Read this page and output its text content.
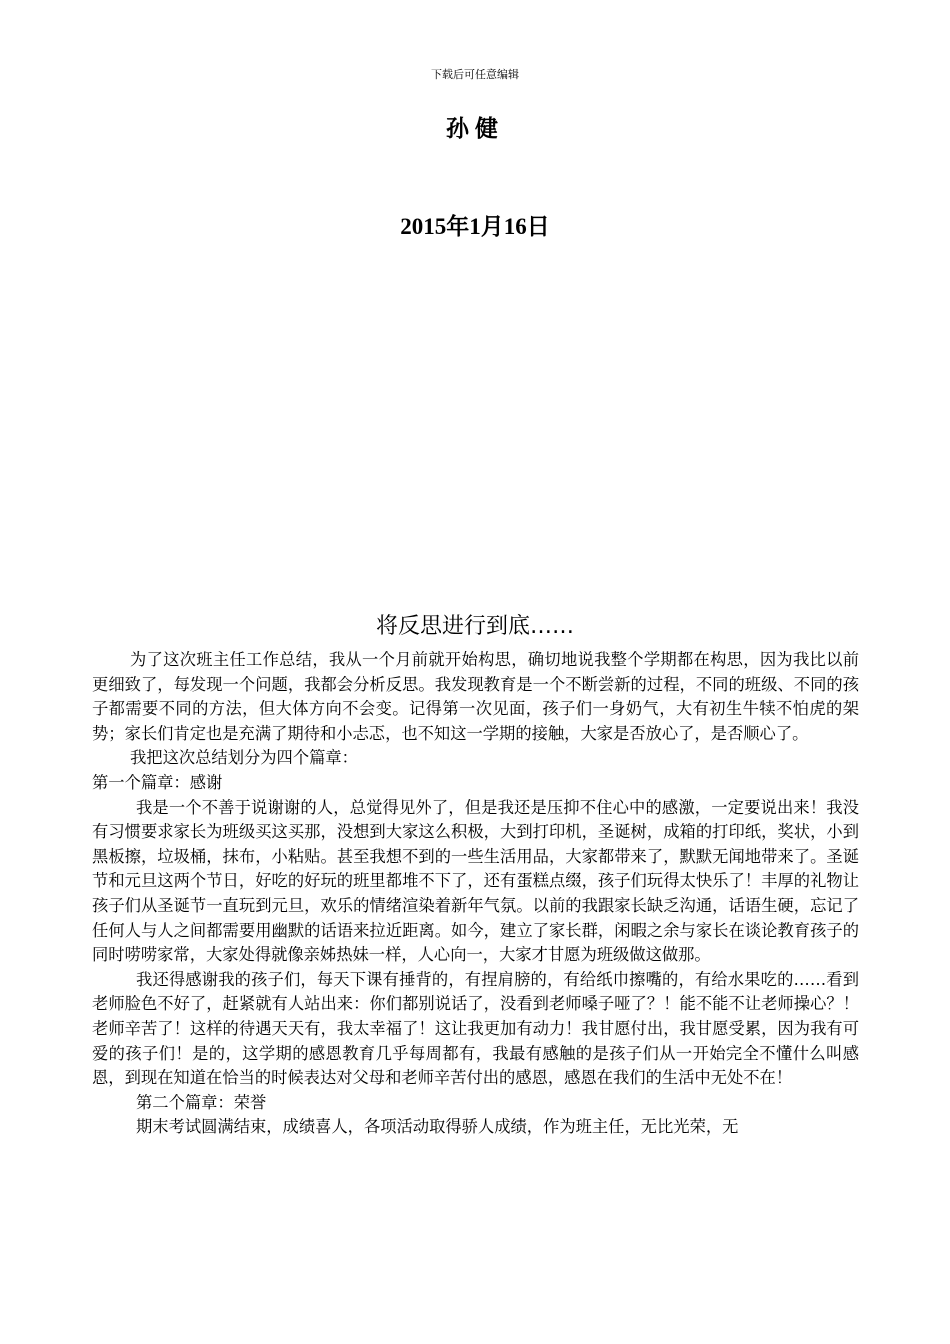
下载后可任意编辑
孙健
2015年1月16日
将反思进行到底……

为了这次班主任工作总结，我从一个月前就开始构思，确切地说我整个学期都在构思，因为我比以前更细致了，每发现一个问题，我都会分析反思。我发现教育是一个不断尝新的过程，不同的班级、不同的孩子都需要不同的方法，但大体方向不会变。记得第一次见面，孩子们一身奶气，大有初生牛犊不怕虎的架势；家长们肯定也是充满了期待和小忐忑，也不知这一学期的接触，大家是否放心了，是否顺心了。

我把这次总结划分为四个篇章：

第一个篇章：感谢

我是一个不善于说谢谢的人，总觉得见外了，但是我还是压抑不住心中的感激，一定要说出来！我没有习惯要求家长为班级买这买那，没想到大家这么积极，大到打印机，圣诞树，成箱的打印纸，奖状，小到黑板擦，垃圾桶，抹布，小粘贴。甚至我想不到的一些生活用品，大家都带来了，默默无闻地带来了。圣诞节和元旦这两个节日，好吃的好玩的班里都堆不下了，还有蛋糕点缀，孩子们玩得太快乐了！丰厚的礼物让孩子们从圣诞节一直玩到元旦，欢乐的情绪渲染着新年气氛。以前的我跟家长缺乏沟通，话语生硬，忘记了任何人与人之间都需要用幽默的话语来拉近距离。如今，建立了家长群，闲暇之余与家长在谈论教育孩子的同时唠唠家常，大家处得就像亲姊热妹一样，人心向一，大家才甘愿为班级做这做那。

我还得感谢我的孩子们，每天下课有捶背的，有捏肩膀的，有给纸巾擦嘴的，有给水果吃的……看到老师脸色不好了，赶紧就有人站出来：你们都别说话了，没看到老师嗓子哑了？！能不能不让老师操心？！老师辛苦了！这样的待遇天天有，我太幸福了！这让我更加有动力！我甘愿付出，我甘愿受累，因为我有可爱的孩子们！是的，这学期的感恩教育几乎每周都有，我最有感触的是孩子们从一开始完全不懂什么叫感恩，到现在知道在恰当的时候表达对父母和老师辛苦付出的感恩，感恩在我们的生活中无处不在！

第二个篇章：荣誉

期末考试圆满结束，成绩喜人，各项活动取得骄人成绩，作为班主任，无比光荣，无
